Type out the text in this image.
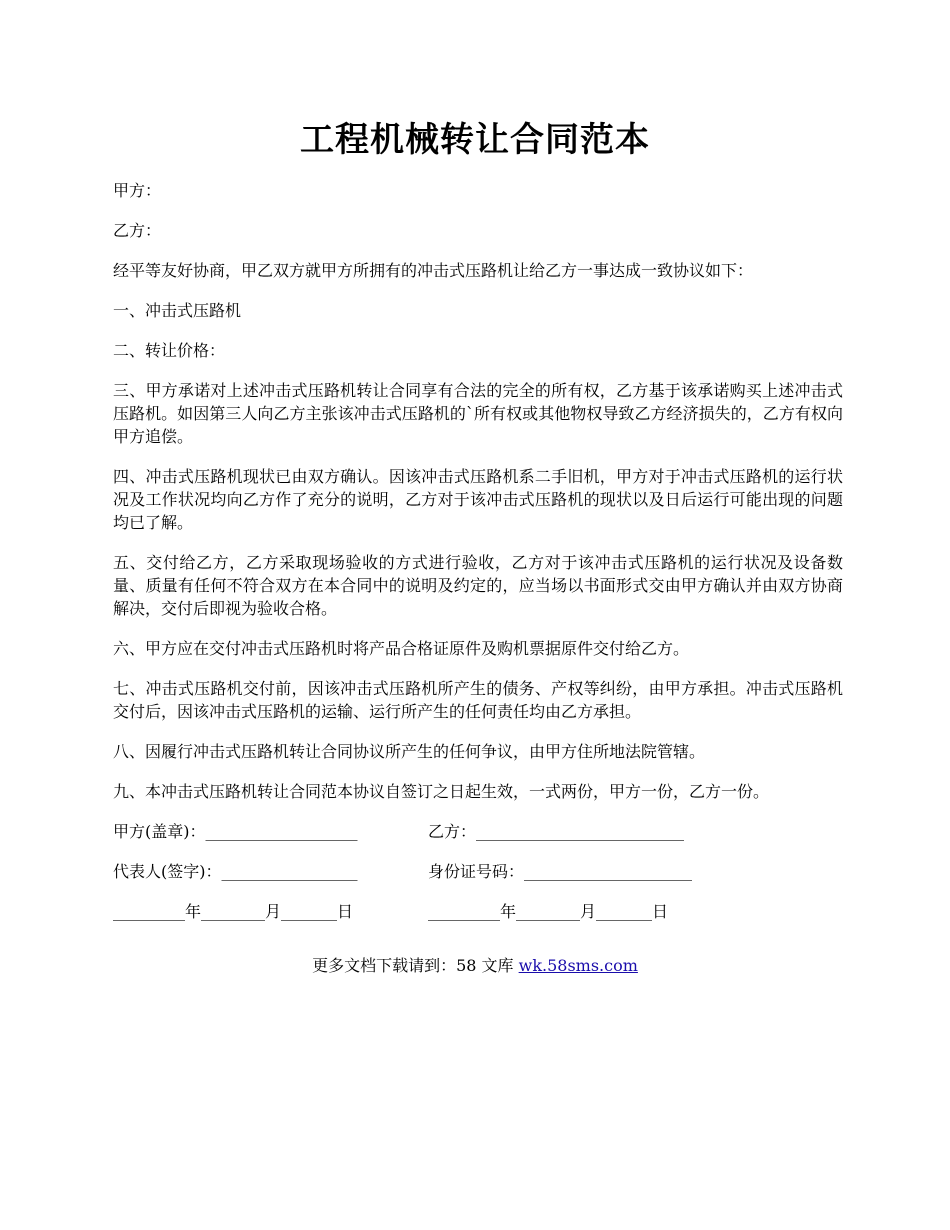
工程机械转让合同范本

甲方：

乙方：

经平等友好协商，甲乙双方就甲方所拥有的冲击式压路机让给乙方一事达成一致协议如下：

一、冲击式压路机

二、转让价格：

三、甲方承诺对上述冲击式压路机转让合同享有合法的完全的所有权，乙方基于该承诺购买上述冲击式压路机。如因第三人向乙方主张该冲击式压路机的`所有权或其他物权导致乙方经济损失的，乙方有权向甲方追偿。

四、冲击式压路机现状已由双方确认。因该冲击式压路机系二手旧机，甲方对于冲击式压路机的运行状况及工作状况均向乙方作了充分的说明，乙方对于该冲击式压路机的现状以及日后运行可能出现的问题均已了解。

五、交付给乙方，乙方采取现场验收的方式进行验收，乙方对于该冲击式压路机的运行状况及设备数量、质量有任何不符合双方在本合同中的说明及约定的，应当场以书面形式交由甲方确认并由双方协商解决，交付后即视为验收合格。

六、甲方应在交付冲击式压路机时将产品合格证原件及购机票据原件交付给乙方。

七、冲击式压路机交付前，因该冲击式压路机所产生的债务、产权等纠纷，由甲方承担。冲击式压路机交付后，因该冲击式压路机的运输、运行所产生的任何责任均由乙方承担。

八、因履行冲击式压路机转让合同协议所产生的任何争议，由甲方住所地法院管辖。

九、本冲击式压路机转让合同范本协议自签订之日起生效，一式两份，甲方一份，乙方一份。

甲方(盖章)：___________________	乙方：__________________________
代表人(签字)：_________________	身份证号码：_____________________
_________年________月_______日	_________年________月_______日
更多文档下载请到：58 文库 wk.58sms.com
